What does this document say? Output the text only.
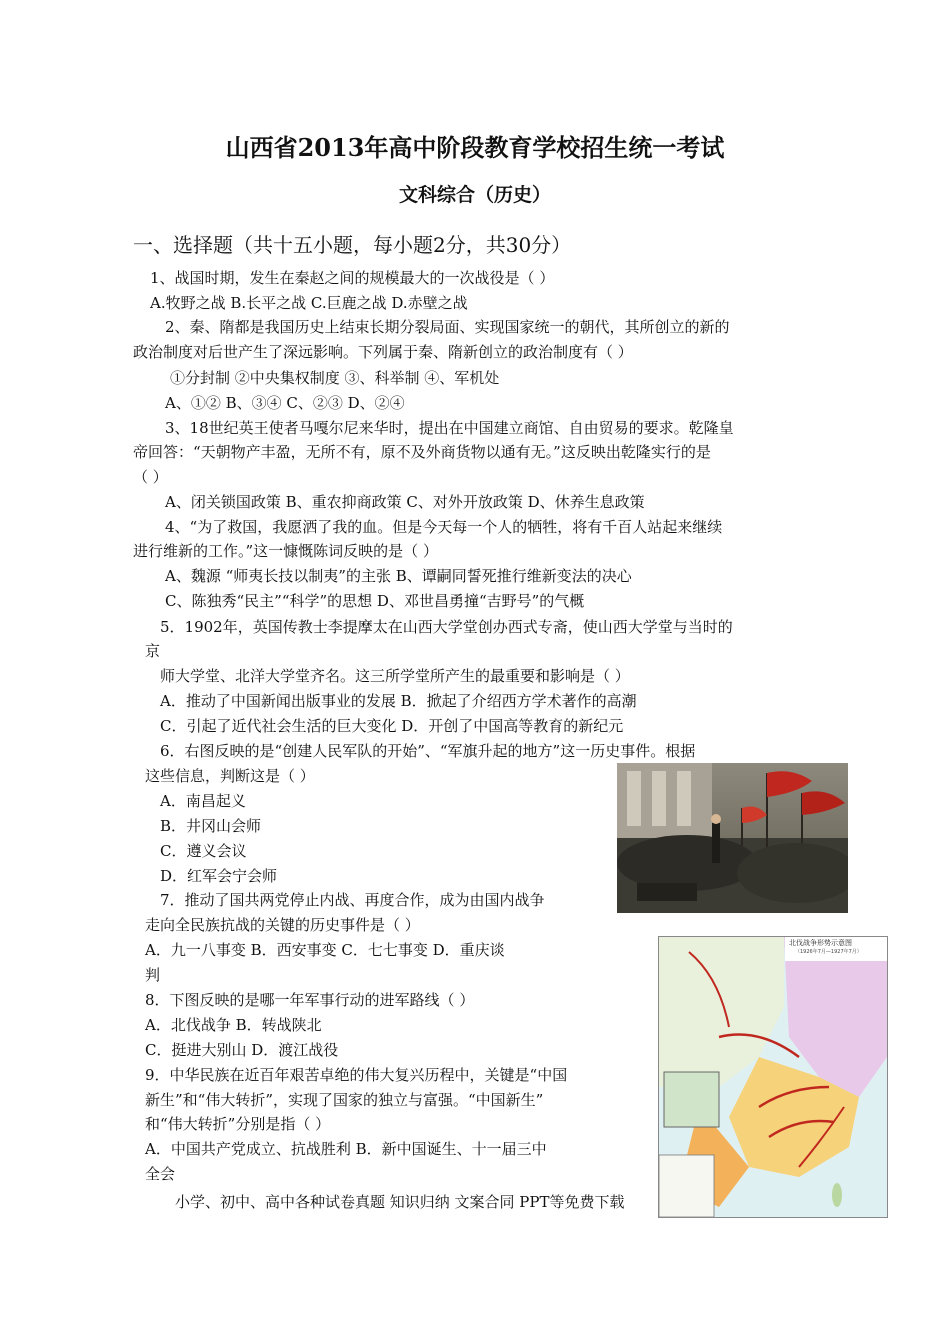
山西省2013年高中阶段教育学校招生统一考试
文科综合（历史）
一、选择题（共十五小题，每小题2分，共30分）
1、战国时期，发生在秦赵之间的规模最大的一次战役是（ ）
A.牧野之战 B.长平之战 C.巨鹿之战 D.赤壁之战
2、秦、隋都是我国历史上结束长期分裂局面、实现国家统一的朝代，其所创立的新的
政治制度对后世产生了深远影响。下列属于秦、隋新创立的政治制度有（ ）
①分封制 ②中央集权制度 ③、科举制 ④、军机处
A、①② B、③④ C、②③ D、②④
3、18世纪英王使者马嘎尔尼来华时，提出在中国建立商馆、自由贸易的要求。乾隆皇
帝回答：“天朝物产丰盈，无所不有，原不及外商货物以通有无。”这反映出乾隆实行的是
（ ）
A、闭关锁国政策 B、重农抑商政策 C、对外开放政策 D、休养生息政策
4、“为了救国，我愿洒了我的血。但是今天每一个人的牺牲，将有千百人站起来继续
进行维新的工作。”这一慷慨陈词反映的是（ ）
A、魏源 “师夷长技以制夷”的主张 B、谭嗣同誓死推行维新变法的决心
C、陈独秀“民主”“科学”的思想 D、邓世昌勇撞“吉野号”的气概
5．1902年，英国传教士李提摩太在山西大学堂创办西式专斋，使山西大学堂与当时的
京
师大学堂、北洋大学堂齐名。这三所学堂所产生的最重要和影响是（ ）
A．推动了中国新闻出版事业的发展 B．掀起了介绍西方学术著作的高潮
C．引起了近代社会生活的巨大变化 D．开创了中国高等教育的新纪元
6．右图反映的是“创建人民军队的开始”、“军旗升起的地方”这一历史事件。根据
这些信息，判断这是（ ）
A．南昌起义
B．井冈山会师
C．遵义会议
D．红军会宁会师
7．推动了国共两党停止内战、再度合作，成为由国内战争
走向全民族抗战的关键的历史事件是（ ）
A．九一八事变 B．西安事变 C．七七事变 D．重庆谈
判
8．下图反映的是哪一年军事行动的进军路线（ ）
A．北伐战争 B．转战陕北
C．挺进大别山 D．渡江战役
9．中华民族在近百年艰苦卓绝的伟大复兴历程中，关键是“中国
新生”和“伟大转折”，实现了国家的独立与富强。“中国新生”
和“伟大转折”分别是指（ ）
A．中国共产党成立、抗战胜利 B．新中国诞生、十一届三中
全会
北伐战争形势示意图
（1926年7月—1927年7月）
小学、初中、高中各种试卷真题 知识归纳 文案合同 PPT等免费下载
